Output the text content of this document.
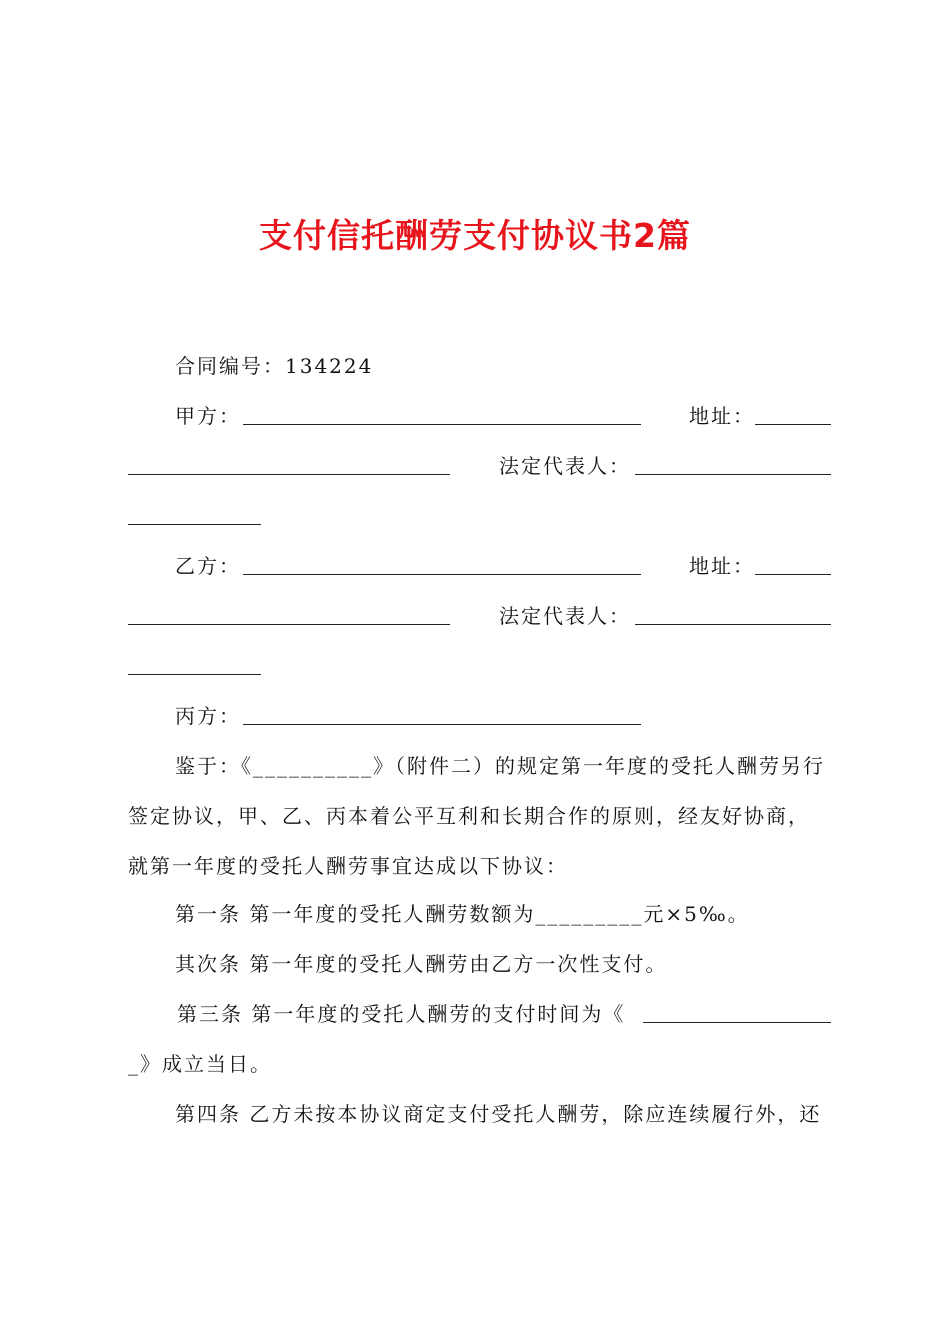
支付信托酬劳支付协议书2篇
合同编号：134224
甲方：	地址：
法定代表人：
乙方：	地址：
法定代表人：
丙方：
鉴于：《__________》（附件二）的规定第一年度的受托人酬劳另行
签定协议，甲、乙、丙本着公平互利和长期合作的原则，经友好协商，
就第一年度的受托人酬劳事宜达成以下协议：
第一条 第一年度的受托人酬劳数额为_________元×5‰。
其次条 第一年度的受托人酬劳由乙方一次性支付。
第三条 第一年度的受托人酬劳的支付时间为《
_》成立当日。
第四条 乙方未按本协议商定支付受托人酬劳，除应连续履行外，还
